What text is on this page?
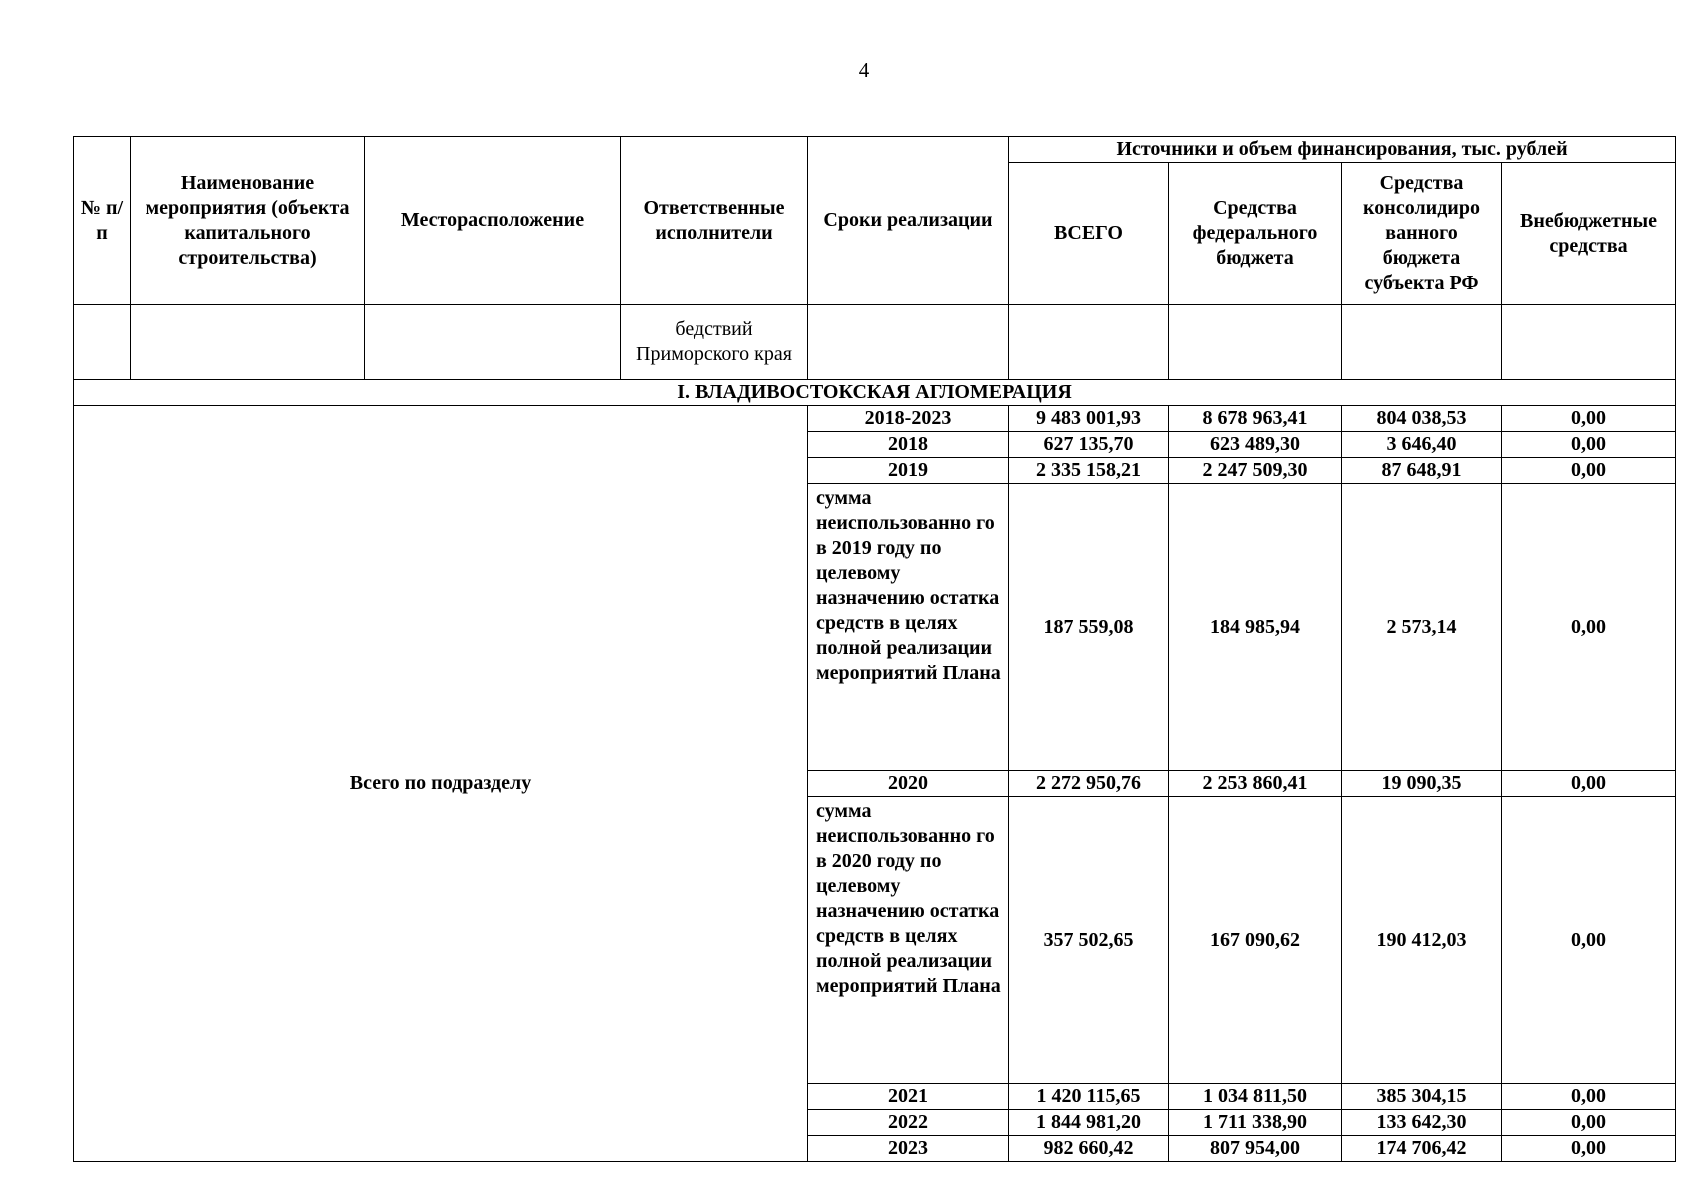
4
№ п/п	Наименование мероприятия (объекта капитального строительства)	Месторасположение	Ответственные исполнители	Сроки реализации	Источники и объем финансирования, тыс. рублей			
					ВСЕГО	Средства федерального бюджета	Средства консолидиро ванного бюджета субъекта РФ	Внебюджетные средства
			бедствий Приморского края					
I. ВЛАДИВОСТОКСКАЯ АГЛОМЕРАЦИЯ								
Всего по подразделу				2018-2023	9 483 001,93	8 678 963,41	804 038,53	0,00
				2018	627 135,70	623 489,30	3 646,40	0,00
				2019	2 335 158,21	2 247 509,30	87 648,91	0,00
				сумма неиспользованно го в 2019 году по целевому назначению остатка средств в целях полной реализации мероприятий Плана	187 559,08	184 985,94	2 573,14	0,00
				2020	2 272 950,76	2 253 860,41	19 090,35	0,00
				сумма неиспользованно го в 2020 году по целевому назначению остатка средств в целях полной реализации мероприятий Плана	357 502,65	167 090,62	190 412,03	0,00
				2021	1 420 115,65	1 034 811,50	385 304,15	0,00
				2022	1 844 981,20	1 711 338,90	133 642,30	0,00
				2023	982 660,42	807 954,00	174 706,42	0,00
